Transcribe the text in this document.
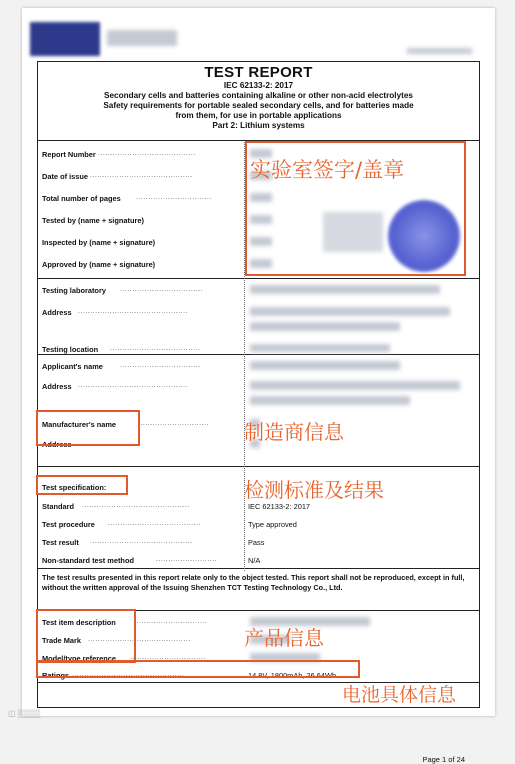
TEST REPORT
IEC 62133-2: 2017
Secondary cells and batteries containing alkaline or other non-acid electrolytes
Safety requirements for portable sealed secondary cells, and for batteries made
from them, for use in portable applications
Part 2: Lithium systems
Report Number ........................................
Date of issue ..........................................
Total number of pages ...............................
Tested by (name + signature)
Inspected by (name + signature)
Approved by (name + signature)
Testing laboratory ..................................
Address .............................................
Testing location .....................................
Applicant's name .................................
Address .............................................
Manufacturer's name	.............................
Address .............
Test specification:
Standard ............................................	IEC 62133-2: 2017
Test procedure ......................................	Type approved
Test result ..........................................	Pass
Non-standard test method	.........................	N/A
The test results presented in this report relate only to the object tested. This report shall not be reproduced, except in full, without the written approval of the Issuing Shenzhen TCT Testing Technology Co., Ltd.
Test item description	..............................
Trade Mark ..........................................
Model/type reference ...............................
Ratings ..............................................	14.8V, 1800mAh, 26.64Wh
Page 1 of 24
实验室签字/盖章
制造商信息
检测标准及结果
产品信息
电池具体信息
◫ ▒▒▒▒
